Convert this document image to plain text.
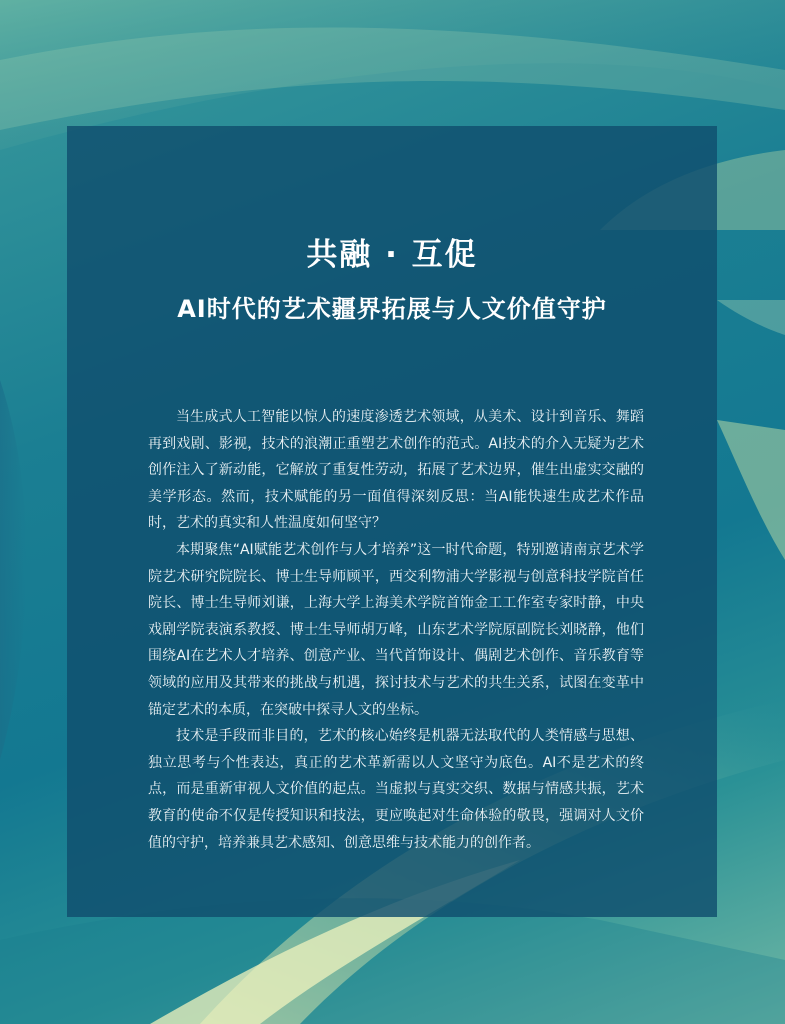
共融 · 互促
AI时代的艺术疆界拓展与人文价值守护

当生成式人工智能以惊人的速度渗透艺术领域，从美术、设计到音乐、舞蹈再到戏剧、影视，技术的浪潮正重塑艺术创作的范式。AI技术的介入无疑为艺术创作注入了新动能，它解放了重复性劳动，拓展了艺术边界，催生出虚实交融的美学形态。然而，技术赋能的另一面值得深刻反思：当AI能快速生成艺术作品时，艺术的真实和人性温度如何坚守？

本期聚焦“AI赋能艺术创作与人才培养”这一时代命题，特别邀请南京艺术学院艺术研究院院长、博士生导师顾平，西交利物浦大学影视与创意科技学院首任院长、博士生导师刘谦，上海大学上海美术学院首饰金工工作室专家时静，中央戏剧学院表演系教授、博士生导师胡万峰，山东艺术学院原副院长刘晓静，他们围绕AI在艺术人才培养、创意产业、当代首饰设计、偶剧艺术创作、音乐教育等领域的应用及其带来的挑战与机遇，探讨技术与艺术的共生关系，试图在变革中锚定艺术的本质，在突破中探寻人文的坐标。

技术是手段而非目的，艺术的核心始终是机器无法取代的人类情感与思想、独立思考与个性表达，真正的艺术革新需以人文坚守为底色。AI不是艺术的终点，而是重新审视人文价值的起点。当虚拟与真实交织、数据与情感共振，艺术教育的使命不仅是传授知识和技法，更应唤起对生命体验的敬畏，强调对人文价值的守护，培养兼具艺术感知、创意思维与技术能力的创作者。
